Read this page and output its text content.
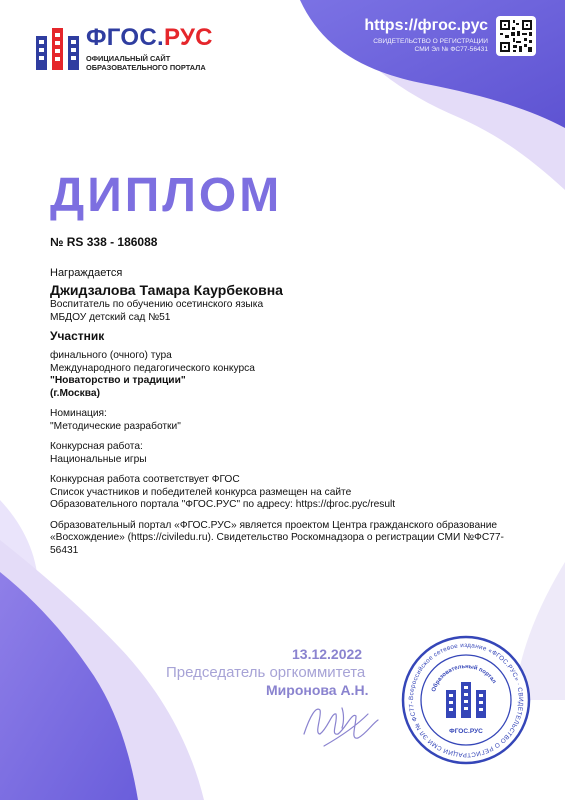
ФГОС.РУС
ОФИЦИАЛЬНЫЙ САЙТ
ОБРАЗОВАТЕЛЬНОГО ПОРТАЛА
https://фгос.рус
СВИДЕТЕЛЬСТВО О РЕГИСТРАЦИИ
СМИ Эл № ФС77-56431
ДИПЛОМ
№ RS 338 - 186088
Награждается
Джидзалова Тамара Каурбековна
Воспитатель по обучению осетинского языка
МБДОУ детский сад №51
Участник
финального (очного) тура
Международного педагогического конкурса
"Новаторство и традиции"
(г.Москва)
Номинация:
"Методические разработки"
Конкурсная работа:
Национальные игры
Конкурсная работа соответствует ФГОС
Список участников и победителей конкурса размещен на сайте
Образовательного портала "ФГОС.РУС" по адресу: https://фгос.рус/result
Образовательный портал «ФГОС.РУС» является проектом Центра гражданского образование «Восхождение» (https://civiledu.ru). Свидетельство Роскомнадзора о регистрации СМИ №ФС77-56431
13.12.2022
Председатель оргкоммитета
Миронова А.Н.	Всероссийское сетевое издание «ФГОС.РУС» · СВИДЕТЕЛЬСТВО О РЕГИСТРАЦИИ СМИ ЭЛ № ФС77-
Образовательный портал
ФГОС.РУС
